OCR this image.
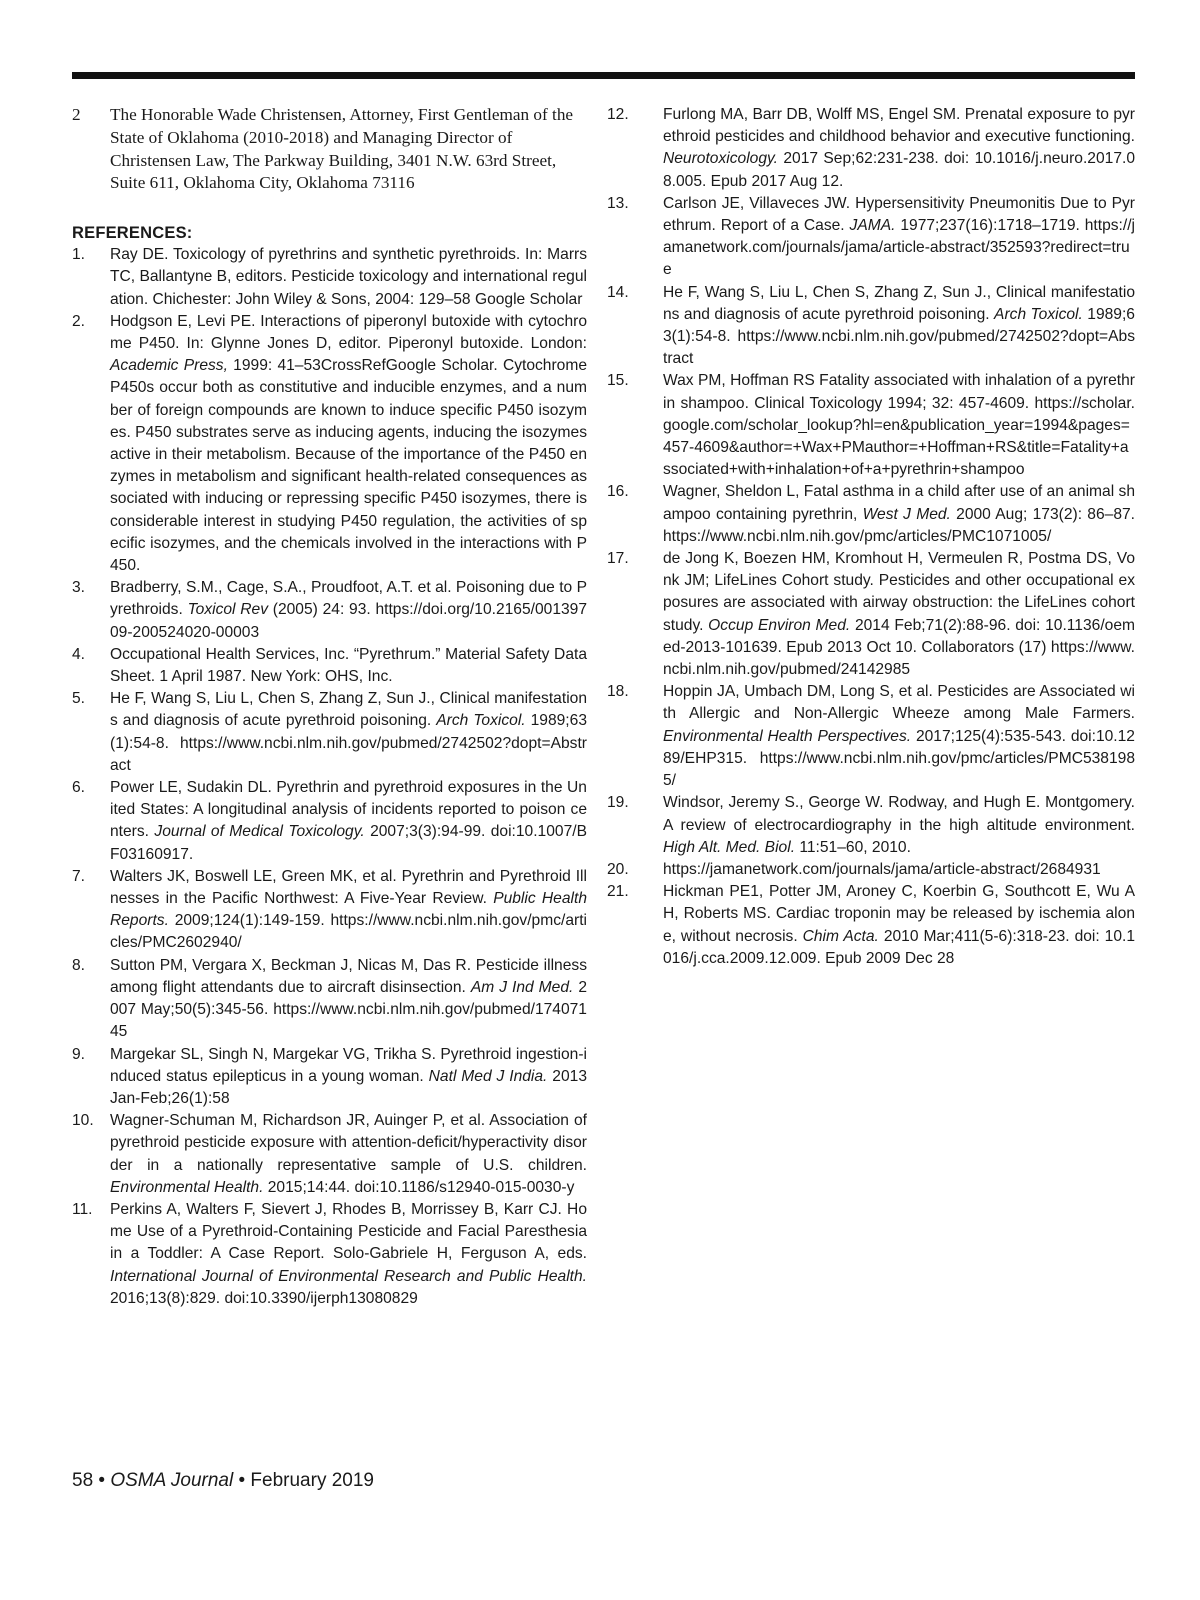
2 The Honorable Wade Christensen, Attorney, First Gentleman of the State of Oklahoma (2010-2018) and Managing Director of Christensen Law, The Parkway Building, 3401 N.W. 63rd Street, Suite 611, Oklahoma City, Oklahoma 73116
REFERENCES:
1.	Ray DE. Toxicology of pyrethrins and synthetic pyrethroids. In: Marrs TC, Ballantyne B, editors. Pesticide toxicology and international regulation. Chichester: John Wiley & Sons, 2004: 129–58 Google Scholar
2.	Hodgson E, Levi PE. Interactions of piperonyl butoxide with cytochrome P450. In: Glynne Jones D, editor. Piperonyl butoxide. London: Academic Press, 1999: 41–53CrossRefGoogle Scholar. Cytochrome P450s occur both as constitutive and inducible enzymes, and a number of foreign compounds are known to induce specific P450 isozymes. P450 substrates serve as inducing agents, inducing the isozymes active in their metabolism. Because of the importance of the P450 enzymes in metabolism and significant health-related consequences associated with inducing or repressing specific P450 isozymes, there is considerable interest in studying P450 regulation, the activities of specific isozymes, and the chemicals involved in the interactions with P450.
3.	Bradberry, S.M., Cage, S.A., Proudfoot, A.T. et al. Poisoning due to Pyrethroids. Toxicol Rev (2005) 24: 93. https://doi.org/10.2165/00139709-200524020-00003
4.	Occupational Health Services, Inc. “Pyrethrum.” Material Safety Data Sheet. 1 April 1987. New York: OHS, Inc.
5.	He F, Wang S, Liu L, Chen S, Zhang Z, Sun J., Clinical manifestations and diagnosis of acute pyrethroid poisoning. Arch Toxicol. 1989;63(1):54-8. https://www.ncbi.nlm.nih.gov/pubmed/2742502?dopt=Abstract
6.	Power LE, Sudakin DL. Pyrethrin and pyrethroid exposures in the United States: A longitudinal analysis of incidents reported to poison centers. Journal of Medical Toxicology. 2007;3(3):94-99. doi:10.1007/BF03160917.
7.	Walters JK, Boswell LE, Green MK, et al. Pyrethrin and Pyrethroid Illnesses in the Pacific Northwest: A Five-Year Review. Public Health Reports. 2009;124(1):149-159. https://www.ncbi.nlm.nih.gov/pmc/articles/PMC2602940/
8.	Sutton PM, Vergara X, Beckman J, Nicas M, Das R. Pesticide illness among flight attendants due to aircraft disinsection. Am J Ind Med. 2007 May;50(5):345-56. https://www.ncbi.nlm.nih.gov/pubmed/17407145
9.	Margekar SL, Singh N, Margekar VG, Trikha S. Pyrethroid ingestion-induced status epilepticus in a young woman. Natl Med J India. 2013 Jan-Feb;26(1):58
10.	Wagner-Schuman M, Richardson JR, Auinger P, et al. Association of pyrethroid pesticide exposure with attention-deficit/hyperactivity disorder in a nationally representative sample of U.S. children. Environmental Health. 2015;14:44. doi:10.1186/s12940-015-0030-y
11.	Perkins A, Walters F, Sievert J, Rhodes B, Morrissey B, Karr CJ. Home Use of a Pyrethroid-Containing Pesticide and Facial Paresthesia in a Toddler: A Case Report. Solo-Gabriele H, Ferguson A, eds. International Journal of Environmental Research and Public Health. 2016;13(8):829. doi:10.3390/ijerph13080829
12.	Furlong MA, Barr DB, Wolff MS, Engel SM. Prenatal exposure to pyrethroid pesticides and childhood behavior and executive functioning. Neurotoxicology. 2017 Sep;62:231-238. doi: 10.1016/j.neuro.2017.08.005. Epub 2017 Aug 12.
13.	Carlson JE, Villaveces JW. Hypersensitivity Pneumonitis Due to Pyrethrum. Report of a Case. JAMA. 1977;237(16):1718–1719. https://jamanetwork.com/journals/jama/article-abstract/352593?redirect=true
14.	He F, Wang S, Liu L, Chen S, Zhang Z, Sun J., Clinical manifestations and diagnosis of acute pyrethroid poisoning. Arch Toxicol. 1989;63(1):54-8. https://www.ncbi.nlm.nih.gov/pubmed/2742502?dopt=Abstract
15.	Wax PM, Hoffman RS Fatality associated with inhalation of a pyrethrin shampoo. Clinical Toxicology 1994; 32: 457-4609. https://scholar.google.com/scholar_lookup?hl=en&publication_year=1994&pages=457-4609&author=+Wax+PMauthor=+Hoffman+RS&title=Fatality+associated+with+inhalation+of+a+pyrethrin+shampoo
16.	Wagner, Sheldon L, Fatal asthma in a child after use of an animal shampoo containing pyrethrin, West J Med. 2000 Aug; 173(2): 86–87. https://www.ncbi.nlm.nih.gov/pmc/articles/PMC1071005/
17.	de Jong K, Boezen HM, Kromhout H, Vermeulen R, Postma DS, Vonk JM; LifeLines Cohort study. Pesticides and other occupational exposures are associated with airway obstruction: the LifeLines cohort study. Occup Environ Med. 2014 Feb;71(2):88-96. doi: 10.1136/oemed-2013-101639. Epub 2013 Oct 10. Collaborators (17) https://www.ncbi.nlm.nih.gov/pubmed/24142985
18.	Hoppin JA, Umbach DM, Long S, et al. Pesticides are Associated with Allergic and Non-Allergic Wheeze among Male Farmers. Environmental Health Perspectives. 2017;125(4):535-543. doi:10.1289/EHP315. https://www.ncbi.nlm.nih.gov/pmc/articles/PMC5381985/
19.	Windsor, Jeremy S., George W. Rodway, and Hugh E. Montgomery. A review of electrocardiography in the high altitude environment. High Alt. Med. Biol. 11:51–60, 2010.
20.	https://jamanetwork.com/journals/jama/article-abstract/2684931
21.	Hickman PE1, Potter JM, Aroney C, Koerbin G, Southcott E, Wu AH, Roberts MS. Cardiac troponin may be released by ischemia alone, without necrosis. Chim Acta. 2010 Mar;411(5-6):318-23. doi: 10.1016/j.cca.2009.12.009. Epub 2009 Dec 28
58 • OSMA Journal • February 2019
